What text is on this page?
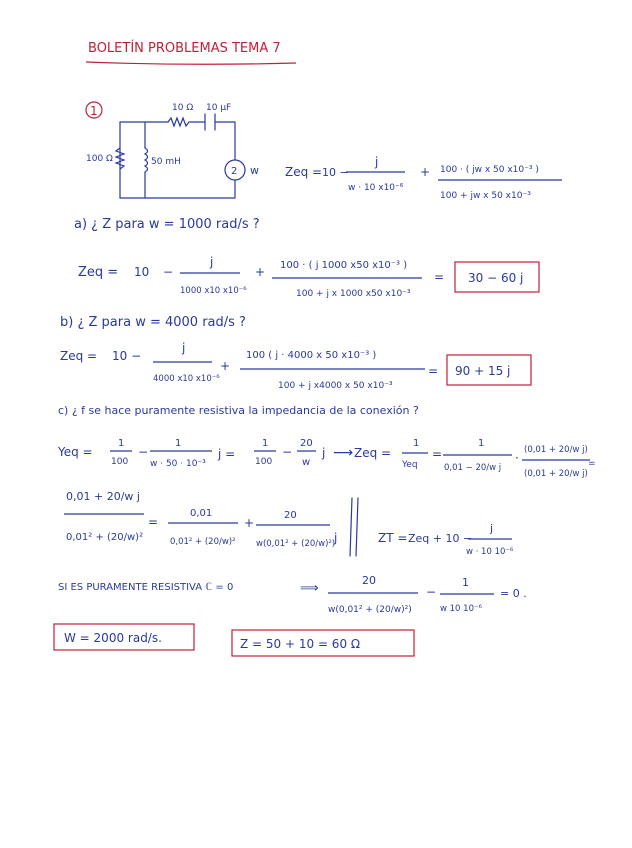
BOLETÍN PROBLEMAS TEMA 7
1	10 Ω 10 μF
100 Ω	50 mH
2 w Zeq = 10 −
j
w · 10 x10⁻⁶
+ 100 · ( jw x 50 x10⁻³ )
100 + jw x 50 x10⁻³
a) ¿ Z para w = 1000 rad/s ?
Zeq = 10 −
j
1000 x10 x10⁻⁶
+ 100 · ( j 1000 x50 x10⁻³ )
100 + j x 1000 x50 x10⁻³
= 30 − 60 j
b) ¿ Z para w = 4000 rad/s ?
Zeq = 10 −
j
4000 x10 x10⁻⁶
+
100 ( j · 4000 x 50 x10⁻³ )
100 + j x4000 x 50 x10⁻³
= 90 + 15 j
c) ¿ f se hace puramente resistiva la impedancia de la conexión ?
Yeq =
1
100
−
1
w · 50 · 10⁻³
j =
1
100
−
20
w
j ⟶ Zeq =
1
Yeq
=
1
0,01 − 20/w j
·
(0,01 + 20/w j)
(0,01 + 20/w j)
=
0,01 + 20/w j
0,01² + (20/w)²
=
0,01
0,01² + (20/w)²
+
20
w(0,01² + (20/w)²)
j	ZT = Zeq + 10 −
j
w · 10 10⁻⁶
SI ES PURAMENTE RESISTIVA ℂ = 0	⟹
20
w(0,01² + (20/w)²)
−
1
w 10 10⁻⁶
= 0 .
W = 2000 rad/s.	Z = 50 + 10 = 60 Ω
